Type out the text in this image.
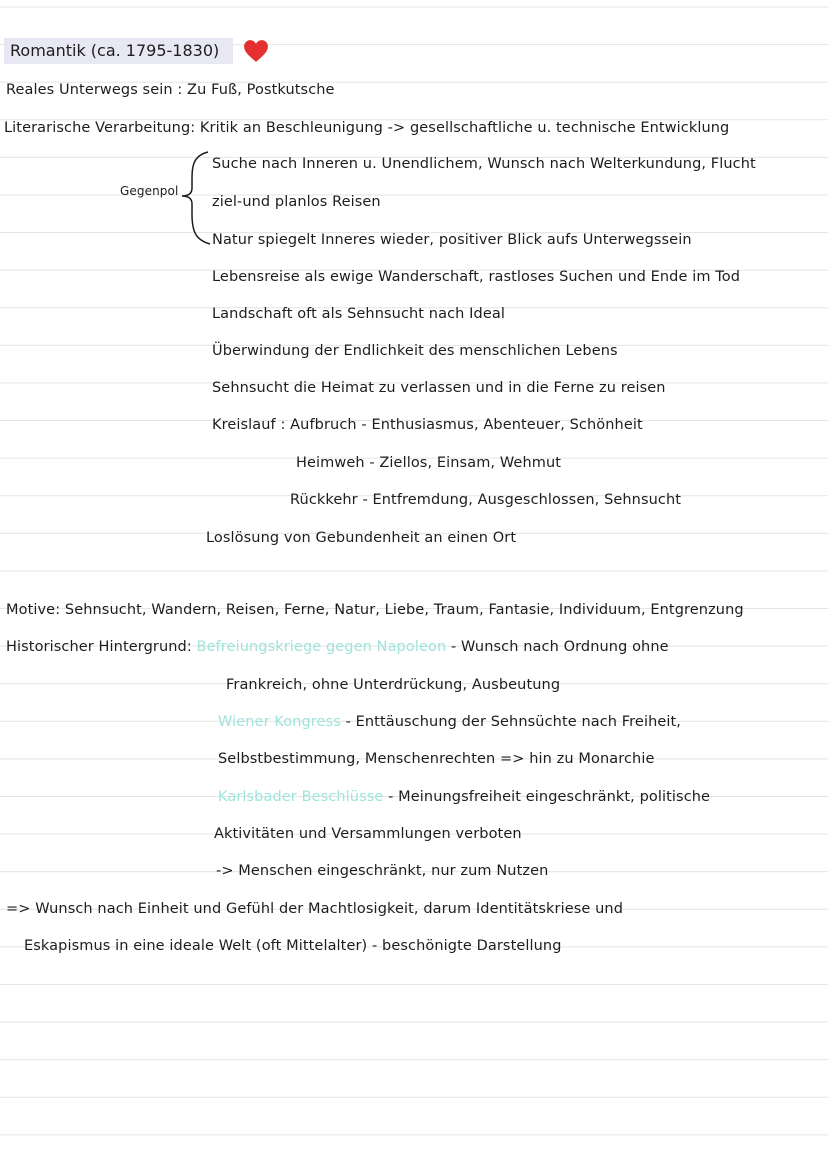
Romantik (ca. 1795-1830)
Reales Unterwegs sein : Zu Fuß, Postkutsche
Literarische Verarbeitung: Kritik an Beschleunigung -> gesellschaftliche u. technische Entwicklung
Gegenpol
Suche nach Inneren u. Unendlichem, Wunsch nach Welterkundung, Flucht
ziel-und planlos Reisen
Natur spiegelt Inneres wieder, positiver Blick aufs Unterwegssein
Lebensreise als ewige Wanderschaft, rastloses Suchen und Ende im Tod
Landschaft oft als Sehnsucht nach Ideal
Überwindung der Endlichkeit des menschlichen Lebens
Sehnsucht die Heimat zu verlassen und in die Ferne zu reisen
Kreislauf : Aufbruch - Enthusiasmus, Abenteuer, Schönheit
Heimweh - Ziellos, Einsam, Wehmut
Rückkehr - Entfremdung, Ausgeschlossen, Sehnsucht
Loslösung von Gebundenheit an einen Ort
Motive: Sehnsucht, Wandern, Reisen, Ferne, Natur, Liebe, Traum, Fantasie, Individuum, Entgrenzung
Historischer Hintergrund: Befreiungskriege gegen Napoleon - Wunsch nach Ordnung ohne
Frankreich, ohne Unterdrückung, Ausbeutung
Wiener Kongress - Enttäuschung der Sehnsüchte nach Freiheit,
Selbstbestimmung, Menschenrechten => hin zu Monarchie
Karlsbader Beschlüsse - Meinungsfreiheit eingeschränkt, politische
Aktivitäten und Versammlungen verboten
-> Menschen eingeschränkt, nur zum Nutzen
=> Wunsch nach Einheit und Gefühl der Machtlosigkeit, darum Identitätskriese und
Eskapismus in eine ideale Welt (oft Mittelalter) - beschönigte Darstellung
